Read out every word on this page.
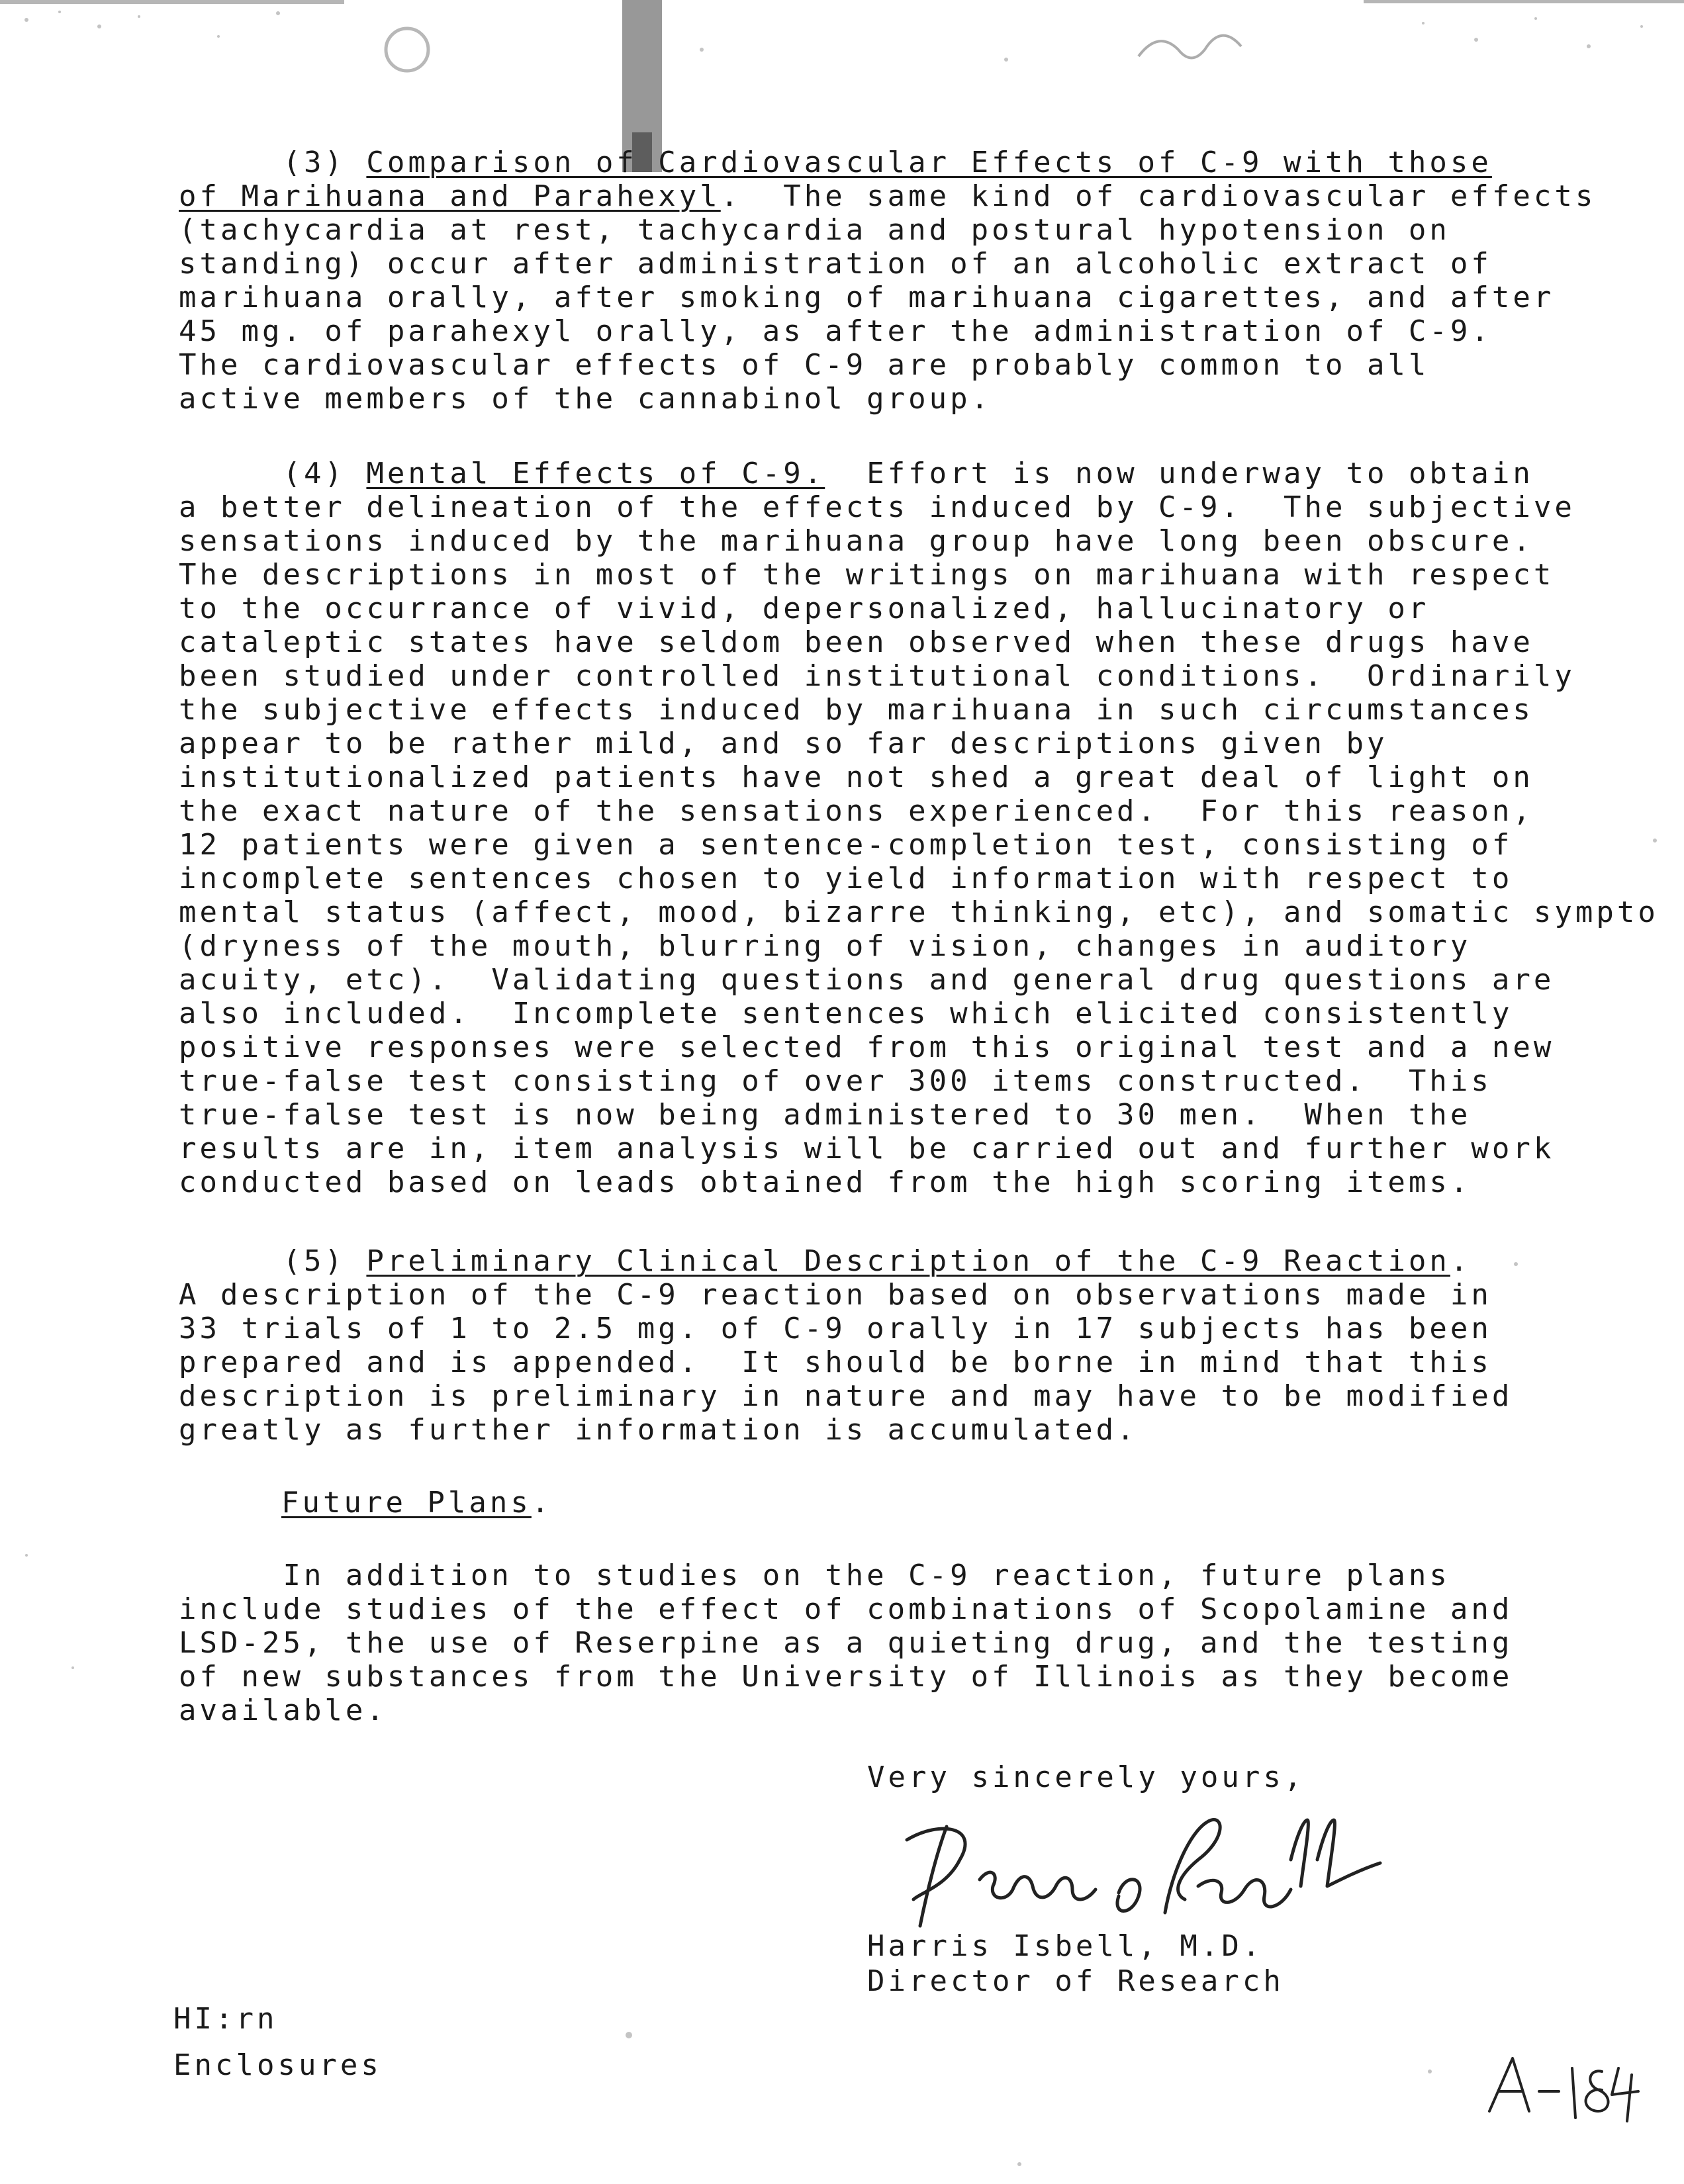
(3) Comparison of Cardiovascular Effects of C-9 with those
of Marihuana and Parahexyl.  The same kind of cardiovascular effects
(tachycardia at rest, tachycardia and postural hypotension on
standing) occur after administration of an alcoholic extract of
marihuana orally, after smoking of marihuana cigarettes, and after
45 mg. of parahexyl orally, as after the administration of C-9.
The cardiovascular effects of C-9 are probably common to all
active members of the cannabinol group.
(4) Mental Effects of C-9.  Effort is now underway to obtain
a better delineation of the effects induced by C-9.  The subjective
sensations induced by the marihuana group have long been obscure.
The descriptions in most of the writings on marihuana with respect
to the occurrance of vivid, depersonalized, hallucinatory or
cataleptic states have seldom been observed when these drugs have
been studied under controlled institutional conditions.  Ordinarily
the subjective effects induced by marihuana in such circumstances
appear to be rather mild, and so far descriptions given by
institutionalized patients have not shed a great deal of light on
the exact nature of the sensations experienced.  For this reason,
12 patients were given a sentence-completion test, consisting of
incomplete sentences chosen to yield information with respect to
mental status (affect, mood, bizarre thinking, etc), and somatic sympto
(dryness of the mouth, blurring of vision, changes in auditory
acuity, etc).  Validating questions and general drug questions are
also included.  Incomplete sentences which elicited consistently
positive responses were selected from this original test and a new
true-false test consisting of over 300 items constructed.  This
true-false test is now being administered to 30 men.  When the
results are in, item analysis will be carried out and further work
conducted based on leads obtained from the high scoring items.
(5) Preliminary Clinical Description of the C-9 Reaction.
A description of the C-9 reaction based on observations made in
33 trials of 1 to 2.5 mg. of C-9 orally in 17 subjects has been
prepared and is appended.  It should be borne in mind that this
description is preliminary in nature and may have to be modified
greatly as further information is accumulated.
Future Plans.
In addition to studies on the C-9 reaction, future plans
include studies of the effect of combinations of Scopolamine and
LSD-25, the use of Reserpine as a quieting drug, and the testing
of new substances from the University of Illinois as they become
available.
Very sincerely yours,
Harris Isbell
Harris Isbell, M.D.
Director of Research
HI:rn
Enclosures
A-184
